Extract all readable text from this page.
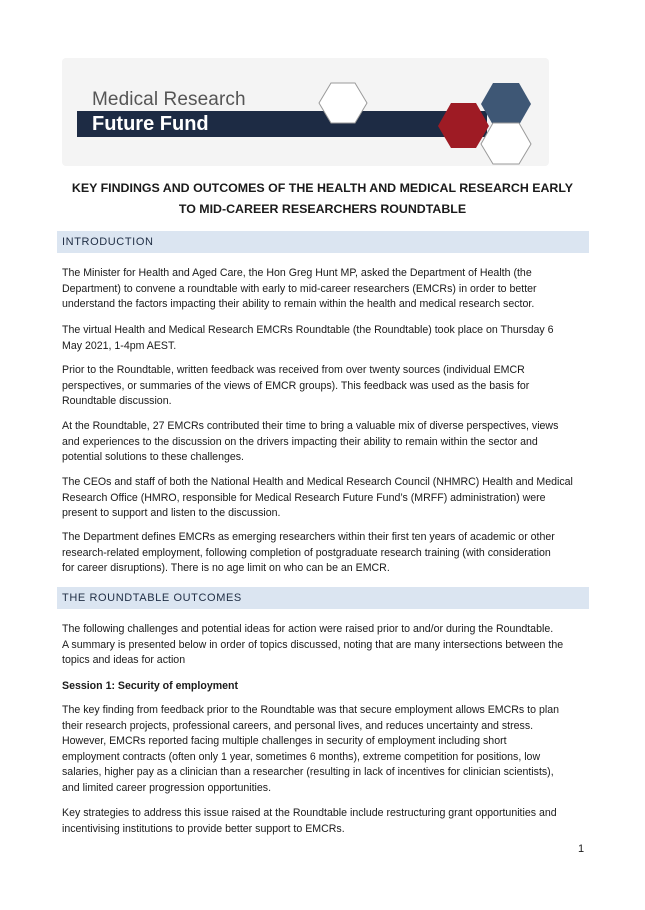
Medical Research
Future Fund
KEY FINDINGS AND OUTCOMES OF THE HEALTH AND MEDICAL RESEARCH EARLY
TO MID-CAREER RESEARCHERS ROUNDTABLE
INTRODUCTION
The Minister for Health and Aged Care, the Hon Greg Hunt MP, asked the Department of Health (the
Department) to convene a roundtable with early to mid-career researchers (EMCRs) in order to better
understand the factors impacting their ability to remain within the health and medical research sector.
The virtual Health and Medical Research EMCRs Roundtable (the Roundtable) took place on Thursday 6
May 2021, 1-4pm AEST.
Prior to the Roundtable, written feedback was received from over twenty sources (individual EMCR
perspectives, or summaries of the views of EMCR groups). This feedback was used as the basis for
Roundtable discussion.
At the Roundtable, 27 EMCRs contributed their time to bring a valuable mix of diverse perspectives, views
and experiences to the discussion on the drivers impacting their ability to remain within the sector and
potential solutions to these challenges.
The CEOs and staff of both the National Health and Medical Research Council (NHMRC) Health and Medical
Research Office (HMRO, responsible for Medical Research Future Fund’s (MRFF) administration) were
present to support and listen to the discussion.
The Department defines EMCRs as emerging researchers within their first ten years of academic or other
research-related employment, following completion of postgraduate research training (with consideration
for career disruptions). There is no age limit on who can be an EMCR.
THE ROUNDTABLE OUTCOMES
The following challenges and potential ideas for action were raised prior to and/or during the Roundtable.
A summary is presented below in order of topics discussed, noting that are many intersections between the
topics and ideas for action
Session 1: Security of employment
The key finding from feedback prior to the Roundtable was that secure employment allows EMCRs to plan
their research projects, professional careers, and personal lives, and reduces uncertainty and stress.
However, EMCRs reported facing multiple challenges in security of employment including short
employment contracts (often only 1 year, sometimes 6 months), extreme competition for positions, low
salaries, higher pay as a clinician than a researcher (resulting in lack of incentives for clinician scientists),
and limited career progression opportunities.
Key strategies to address this issue raised at the Roundtable include restructuring grant opportunities and
incentivising institutions to provide better support to EMCRs.
1
